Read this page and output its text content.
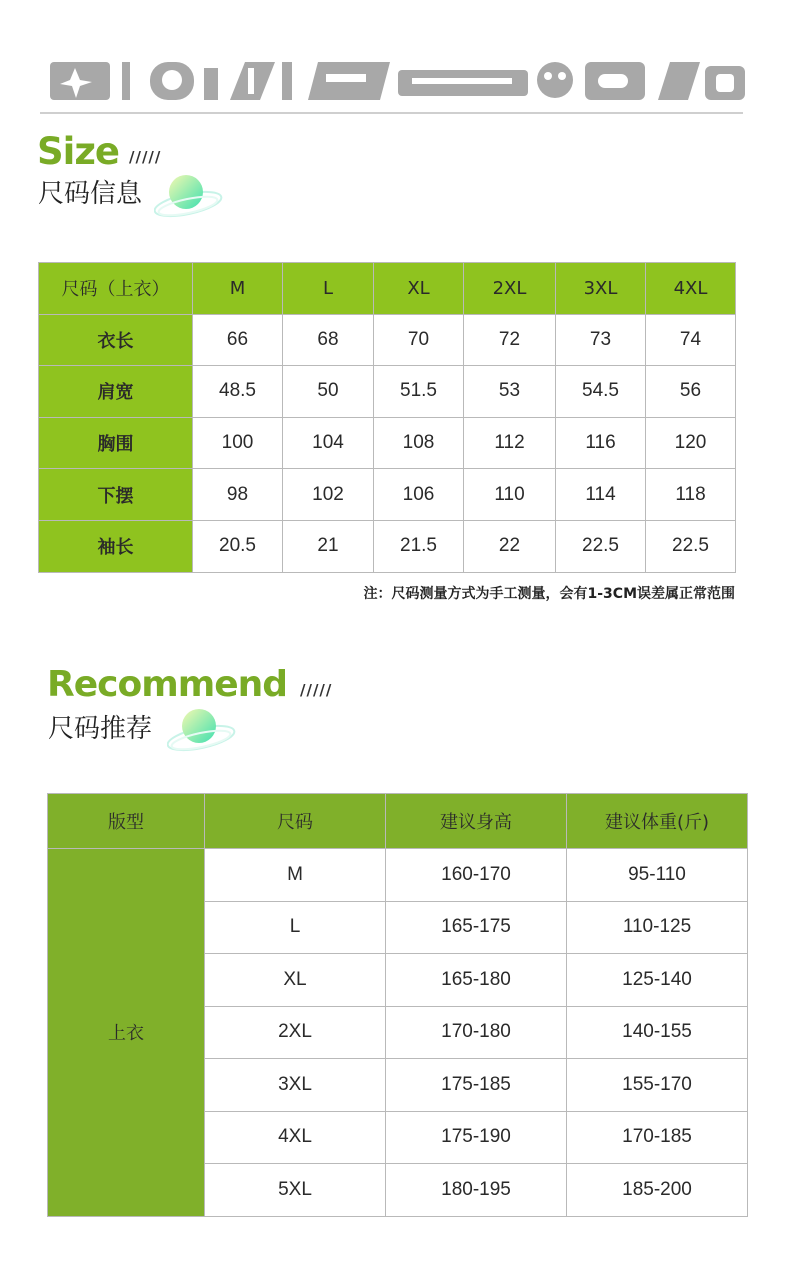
Size /////
尺码信息
尺码（上衣）	M	L	XL	2XL	3XL	4XL
衣长	66	68	70	72	73	74
肩宽	48.5	50	51.5	53	54.5	56
胸围	100	104	108	112	116	120
下摆	98	102	106	110	114	118
袖长	20.5	21	21.5	22	22.5	22.5
注：尺码测量方式为手工测量，会有1-3CM误差属正常范围
Recommend /////
尺码推荐
版型	尺码	建议身高	建议体重(斤)
上衣	M	160-170	95-110
	L	165-175	110-125
	XL	165-180	125-140
	2XL	170-180	140-155
	3XL	175-185	155-170
	4XL	175-190	170-185
	5XL	180-195	185-200
